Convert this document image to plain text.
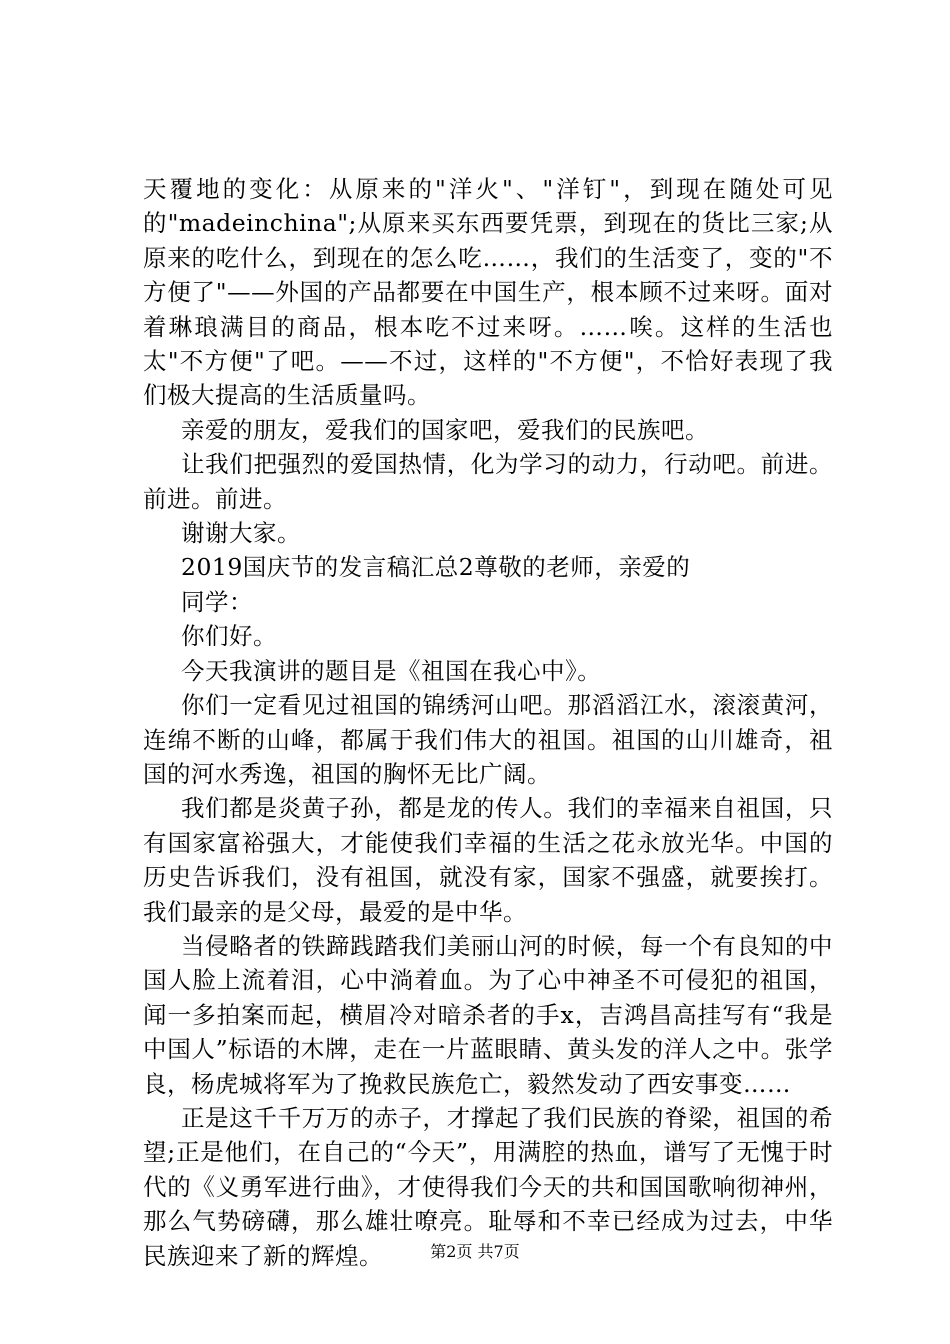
天覆地的变化：从原来的"洋火"、"洋钉"，到现在随处可见的"madeinchina";从原来买东西要凭票，到现在的货比三家;从原来的吃什么，到现在的怎么吃……，我们的生活变了，变的"不方便了"——外国的产品都要在中国生产，根本顾不过来呀。面对着琳琅满目的商品，根本吃不过来呀。……唉。这样的生活也太"不方便"了吧。——不过，这样的"不方便"，不恰好表现了我们极大提高的生活质量吗。

亲爱的朋友，爱我们的国家吧，爱我们的民族吧。

让我们把强烈的爱国热情，化为学习的动力，行动吧。前进。前进。前进。

谢谢大家。

2019国庆节的发言稿汇总2尊敬的老师，亲爱的

同学：

你们好。

今天我演讲的题目是《祖国在我心中》。

你们一定看见过祖国的锦绣河山吧。那滔滔江水，滚滚黄河，连绵不断的山峰，都属于我们伟大的祖国。祖国的山川雄奇，祖国的河水秀逸，祖国的胸怀无比广阔。

我们都是炎黄子孙，都是龙的传人。我们的幸福来自祖国，只有国家富裕强大，才能使我们幸福的生活之花永放光华。中国的历史告诉我们，没有祖国，就没有家，国家不强盛，就要挨打。我们最亲的是父母，最爱的是中华。

当侵略者的铁蹄践踏我们美丽山河的时候，每一个有良知的中国人脸上流着泪，心中淌着血。为了心中神圣不可侵犯的祖国，闻一多拍案而起，横眉冷对暗杀者的手x，吉鸿昌高挂写有“我是中国人”标语的木牌，走在一片蓝眼睛、黄头发的洋人之中。张学良，杨虎城将军为了挽救民族危亡，毅然发动了西安事变……

正是这千千万万的赤子，才撑起了我们民族的脊梁，祖国的希望;正是他们，在自己的“今天”，用满腔的热血，谱写了无愧于时代的《义勇军进行曲》，才使得我们今天的共和国国歌响彻神州，那么气势磅礴，那么雄壮嘹亮。耻辱和不幸已经成为过去，中华民族迎来了新的辉煌。	第2页 共7页
